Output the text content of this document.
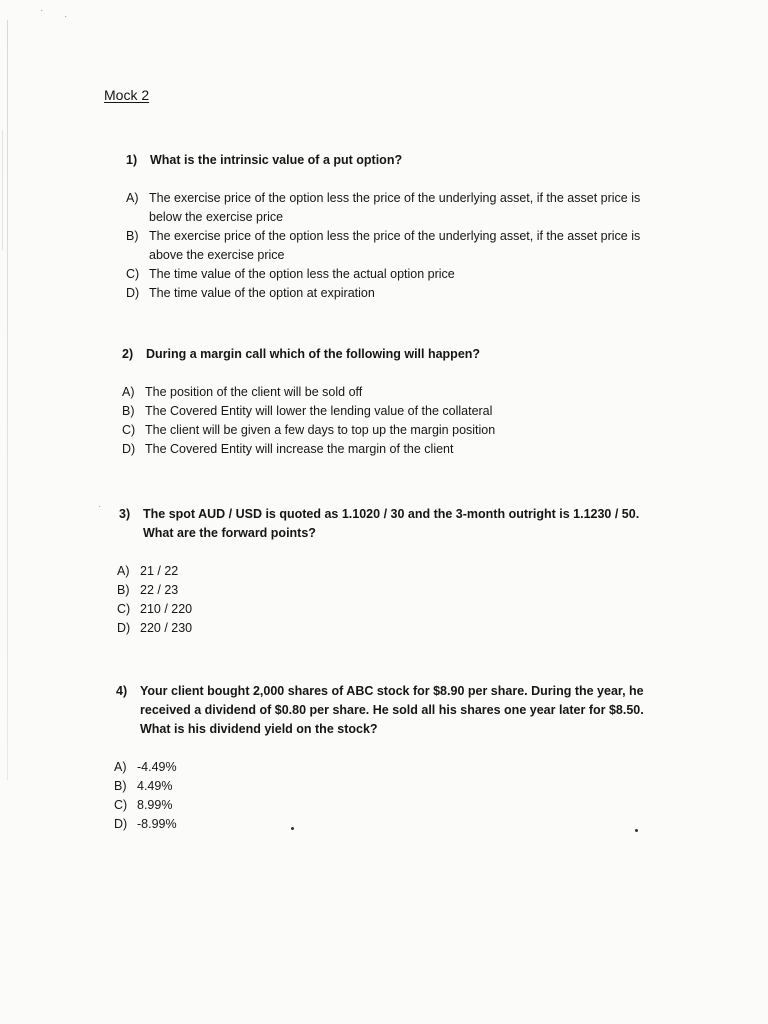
·
·
·
Mock 2
1)	What is the intrinsic value of a put option?
A) The exercise price of the option less the price of the underlying asset, if the asset price is below the exercise price
B) The exercise price of the option less the price of the underlying asset, if the asset price is above the exercise price
C) The time value of the option less the actual option price
D) The time value of the option at expiration
2)	During a margin call which of the following will happen?
A) The position of the client will be sold off
B) The Covered Entity will lower the lending value of the collateral
C) The client will be given a few days to top up the margin position
D) The Covered Entity will increase the margin of the client
3)	The spot AUD / USD is quoted as 1.1020 / 30 and the 3-month outright is 1.1230 / 50. What are the forward points?
A) 21 / 22
B) 22 / 23
C) 210 / 220
D) 220 / 230
4)	Your client bought 2,000 shares of ABC stock for $8.90 per share. During the year, he received a dividend of $0.80 per share. He sold all his shares one year later for $8.50. What is his dividend yield on the stock?
A) -4.49%
B) 4.49%
C) 8.99%
D) -8.99%
